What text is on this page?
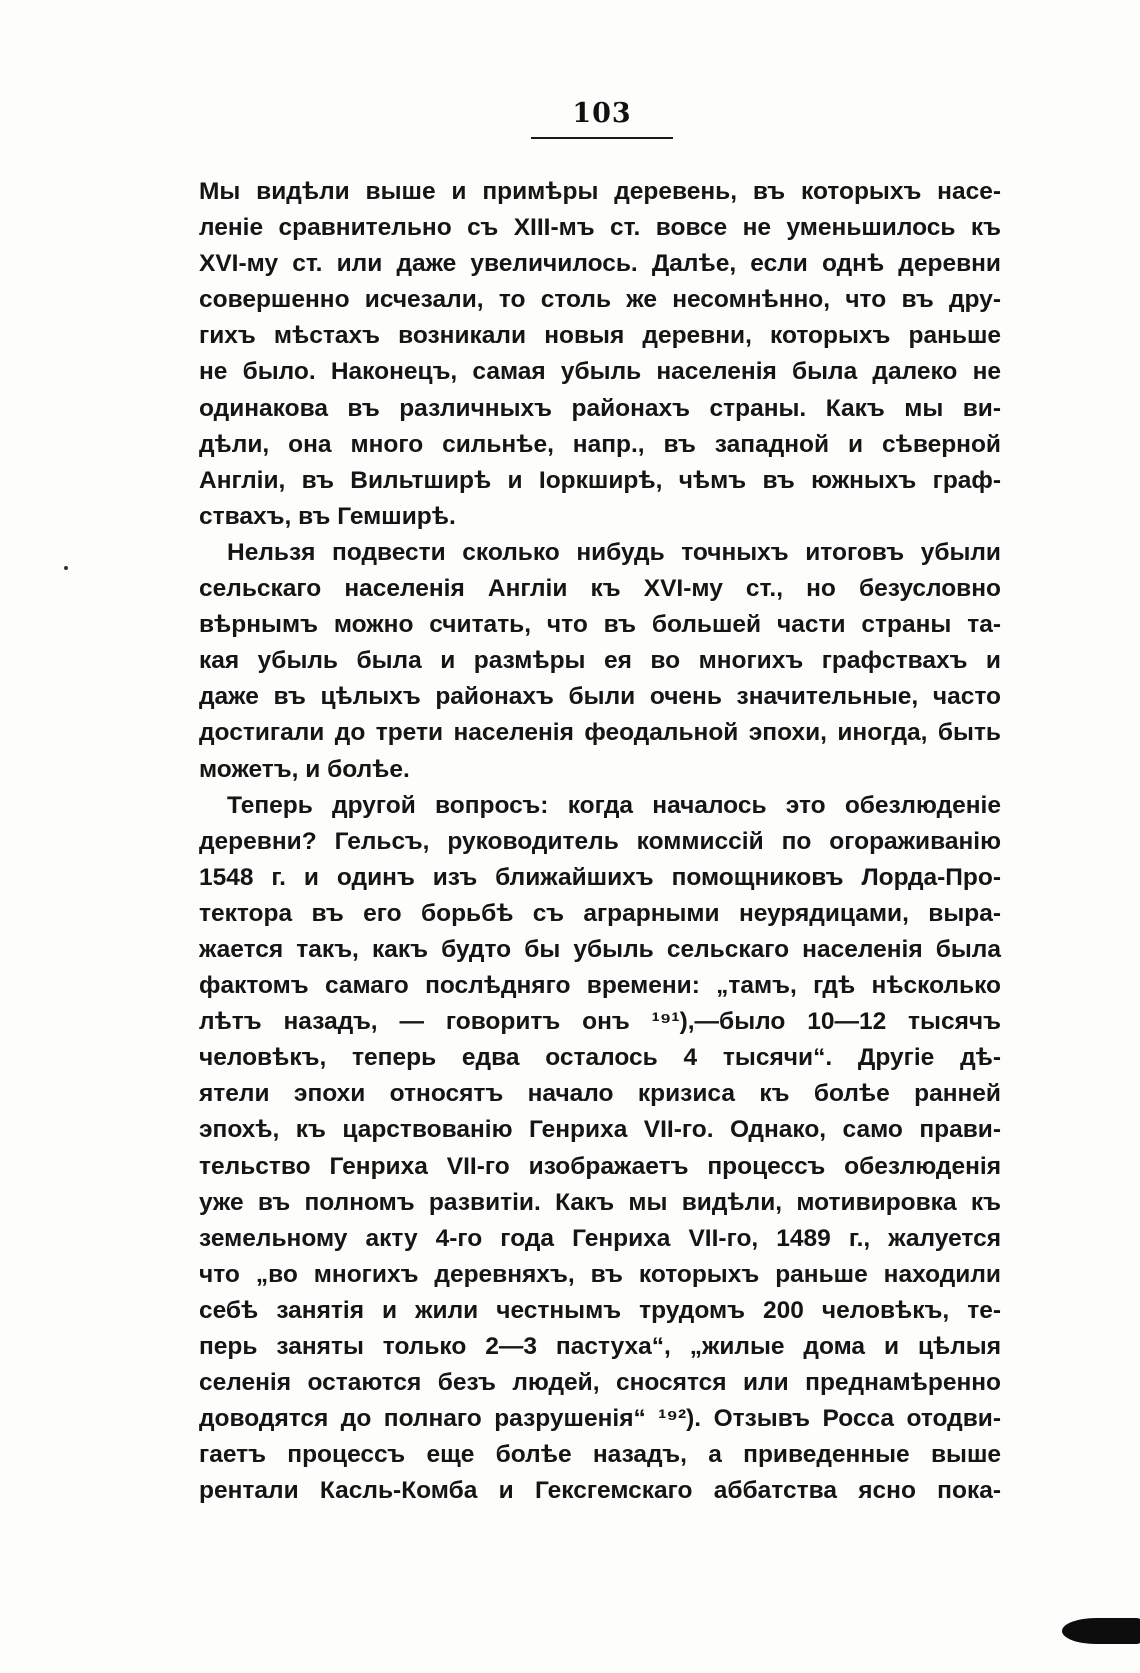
103
Мы видѣли выше и примѣры деревень, въ которыхъ насе-
леніе сравнительно съ XIII-мъ ст. вовсе не уменьшилось къ
XVI-му ст. или даже увеличилось. Далѣе, если однѣ деревни
совершенно исчезали, то столь же несомнѣнно, что въ дру-
гихъ мѣстахъ возникали новыя деревни, которыхъ раньше
не было. Наконецъ, самая убыль населенія была далеко не
одинакова въ различныхъ районахъ страны. Какъ мы ви-
дѣли, она много сильнѣе, напр., въ западной и сѣверной
Англіи, въ Вильтширѣ и Іоркширѣ, чѣмъ въ южныхъ граф-
ствахъ, въ Гемширѣ.
Нельзя подвести сколько нибудь точныхъ итоговъ убыли
сельскаго населенія Англіи къ XVI-му ст., но безусловно
вѣрнымъ можно считать, что въ большей части страны та-
кая убыль была и размѣры ея во многихъ графствахъ и
даже въ цѣлыхъ районахъ были очень значительные, часто
достигали до трети населенія феодальной эпохи, иногда, быть
можетъ, и болѣе.
Теперь другой вопросъ: когда началось это обезлюденіе
деревни? Гельсъ, руководитель коммиссій по огораживанію
1548 г. и одинъ изъ ближайшихъ помощниковъ Лорда-Про-
тектора въ его борьбѣ съ аграрными неурядицами, выра-
жается такъ, какъ будто бы убыль сельскаго населенія была
фактомъ самаго послѣдняго времени: „тамъ, гдѣ нѣсколько
лѣтъ назадъ, — говоритъ онъ ¹⁹¹),—было 10—12 тысячъ
человѣкъ, теперь едва осталось 4 тысячи“. Другіе дѣ-
ятели эпохи относятъ начало кризиса къ болѣе ранней
эпохѣ, къ царствованію Генриха VII-го. Однако, само прави-
тельство Генриха VII-го изображаетъ процессъ обезлюденія
уже въ полномъ развитіи. Какъ мы видѣли, мотивировка къ
земельному акту 4-го года Генриха VII-го, 1489 г., жалуется
что „во многихъ деревняхъ, въ которыхъ раньше находили
себѣ занятія и жили честнымъ трудомъ 200 человѣкъ, те-
перь заняты только 2—3 пастуха“, „жилые дома и цѣлыя
селенія остаются безъ людей, сносятся или преднамѣренно
доводятся до полнаго разрушенія“ ¹⁹²). Отзывъ Росса отодви-
гаетъ процессъ еще болѣе назадъ, а приведенные выше
рентали Касль-Комба и Гексгемскаго аббатства ясно пока-
